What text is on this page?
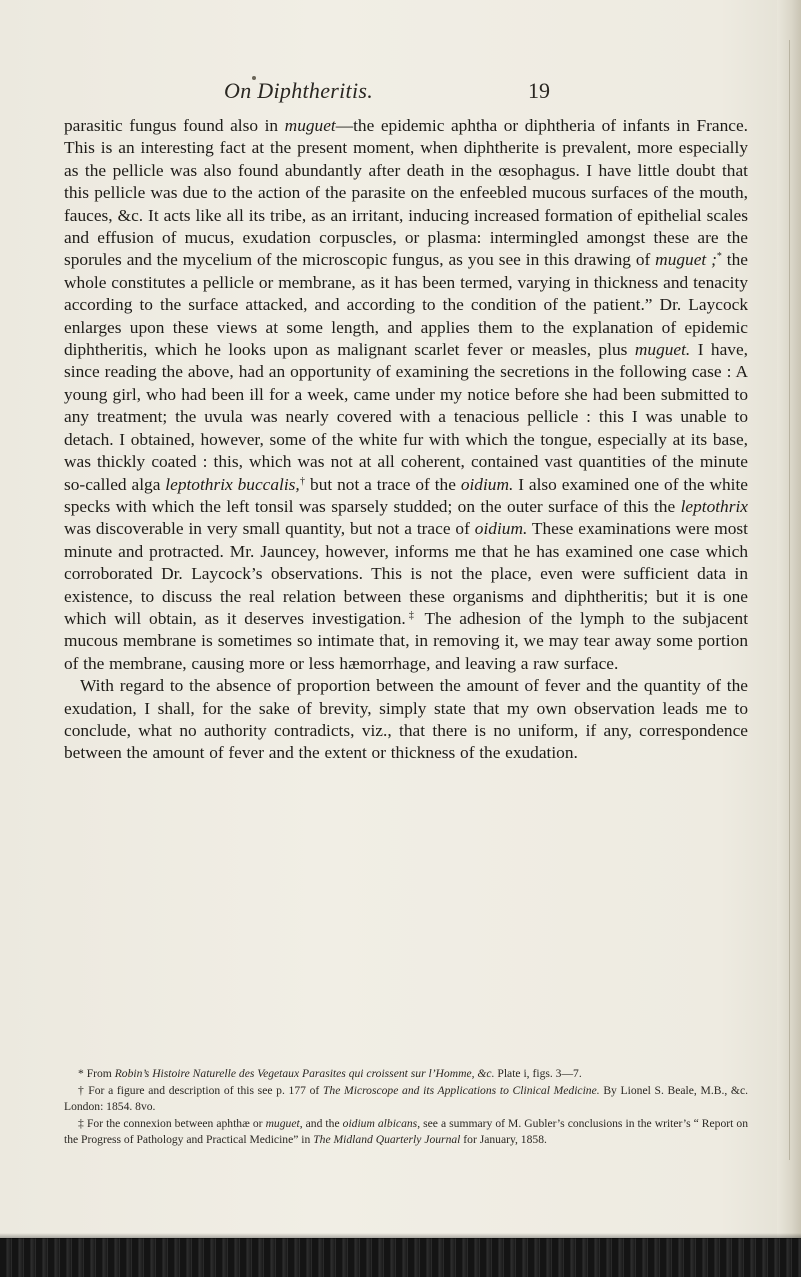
On Diphtheritis.	19

parasitic fungus found also in muguet—the epidemic aphtha or diphtheria of infants in France. This is an interesting fact at the present moment, when diphtherite is prevalent, more especially as the pellicle was also found abundantly after death in the œsophagus. I have little doubt that this pellicle was due to the action of the parasite on the enfeebled mucous surfaces of the mouth, fauces, &c. It acts like all its tribe, as an irritant, inducing increased formation of epithelial scales and effusion of mucus, exudation corpuscles, or plasma: intermingled amongst these are the sporules and the mycelium of the microscopic fungus, as you see in this drawing of muguet ;* the whole constitutes a pellicle or membrane, as it has been termed, varying in thickness and tenacity according to the surface attacked, and according to the condition of the patient.” Dr. Laycock enlarges upon these views at some length, and applies them to the explanation of epidemic diphtheritis, which he looks upon as malignant scarlet fever or measles, plus muguet. I have, since reading the above, had an opportunity of examining the secretions in the following case : A young girl, who had been ill for a week, came under my notice before she had been submitted to any treatment; the uvula was nearly covered with a tenacious pellicle : this I was unable to detach. I obtained, however, some of the white fur with which the tongue, especially at its base, was thickly coated : this, which was not at all coherent, contained vast quantities of the minute so-called alga leptothrix buccalis,† but not a trace of the oidium. I also examined one of the white specks with which the left tonsil was sparsely studded; on the outer surface of this the leptothrix was discoverable in very small quantity, but not a trace of oidium. These examinations were most minute and protracted. Mr. Jauncey, however, informs me that he has examined one case which corroborated Dr. Laycock’s observations. This is not the place, even were sufficient data in existence, to discuss the real relation between these organisms and diphtheritis; but it is one which will obtain, as it deserves investigation.‡ The adhesion of the lymph to the subjacent mucous membrane is sometimes so intimate that, in removing it, we may tear away some portion of the membrane, causing more or less hæmorrhage, and leaving a raw surface.

With regard to the absence of proportion between the amount of fever and the quantity of the exudation, I shall, for the sake of brevity, simply state that my own observation leads me to conclude, what no authority contradicts, viz., that there is no uniform, if any, correspondence between the amount of fever and the extent or thickness of the exudation.

* From Robin’s Histoire Naturelle des Vegetaux Parasites qui croissent sur l’Homme, &c. Plate i, figs. 3—7.

† For a figure and description of this see p. 177 of The Microscope and its Applications to Clinical Medicine. By Lionel S. Beale, M.B., &c. London: 1854. 8vo.

‡ For the connexion between aphthæ or muguet, and the oidium albicans, see a summary of M. Gubler’s conclusions in the writer’s “ Report on the Progress of Pathology and Practical Medicine” in The Midland Quarterly Journal for January, 1858.
